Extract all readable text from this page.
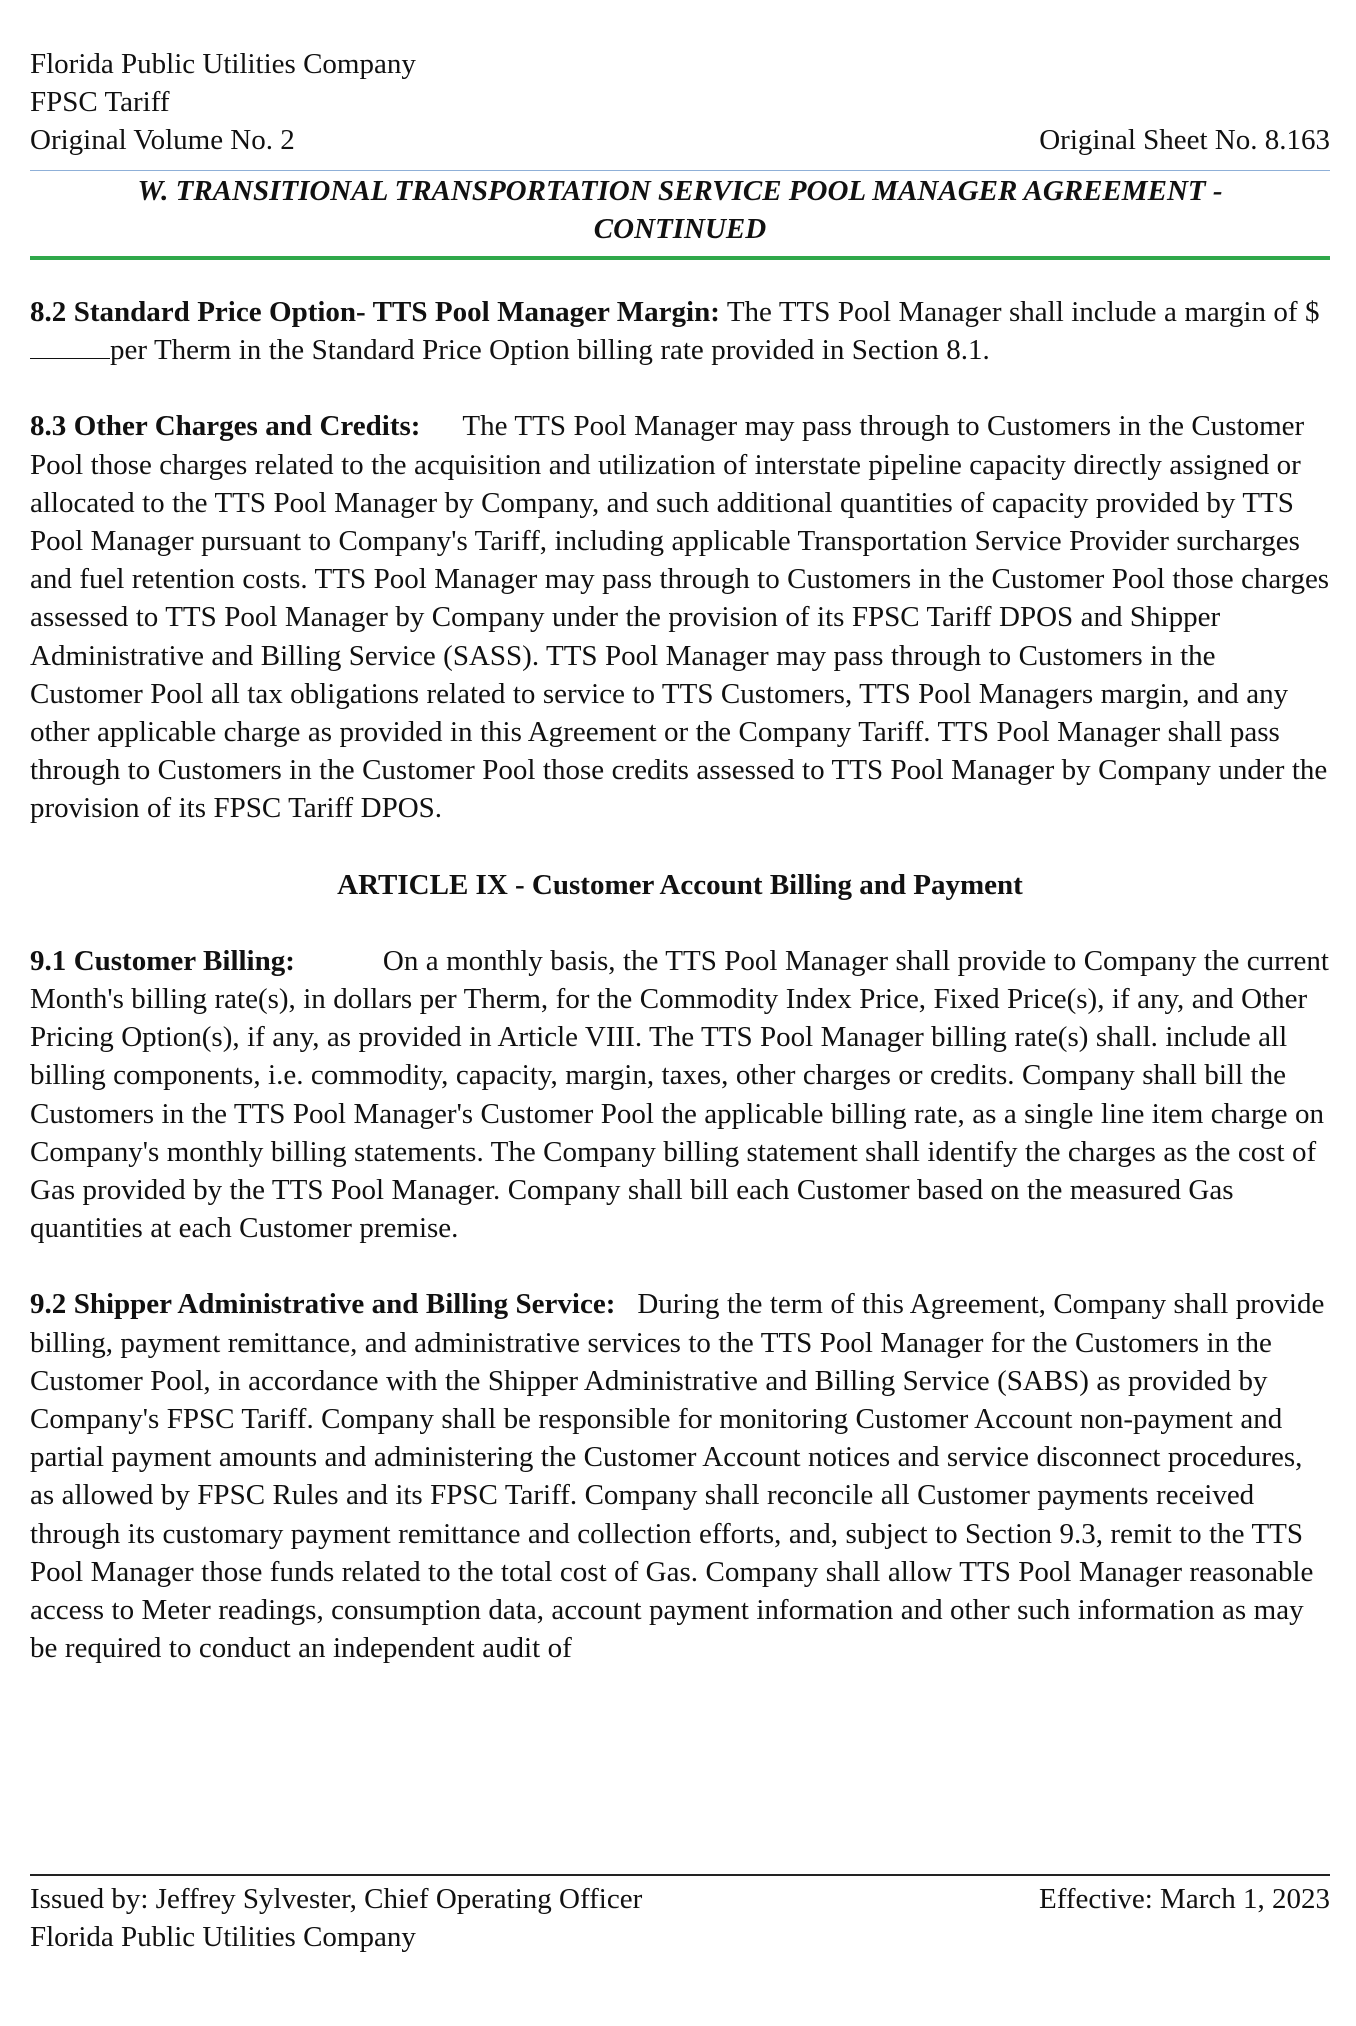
Florida Public Utilities Company
FPSC Tariff
Original Volume No. 2	Original Sheet No. 8.163
W. TRANSITIONAL TRANSPORTATION SERVICE POOL MANAGER AGREEMENT -
CONTINUED

8.2 Standard Price Option- TTS Pool Manager Margin: The TTS Pool Manager shall include a margin of $per Therm in the Standard Price Option billing rate provided in Section 8.1.

8.3 Other Charges and Credits: The TTS Pool Manager may pass through to Customers in the Customer Pool those charges related to the acquisition and utilization of interstate pipeline capacity directly assigned or allocated to the TTS Pool Manager by Company, and such additional quantities of capacity provided by TTS Pool Manager pursuant to Company's Tariff, including applicable Transportation Service Provider surcharges and fuel retention costs. TTS Pool Manager may pass through to Customers in the Customer Pool those charges assessed to TTS Pool Manager by Company under the provision of its FPSC Tariff DPOS and Shipper Administrative and Billing Service (SASS). TTS Pool Manager may pass through to Customers in the Customer Pool all tax obligations related to service to TTS Customers, TTS Pool Managers margin, and any other applicable charge as provided in this Agreement or the Company Tariff. TTS Pool Manager shall pass through to Customers in the Customer Pool those credits assessed to TTS Pool Manager by Company under the provision of its FPSC Tariff DPOS.

ARTICLE IX - Customer Account Billing and Payment

9.1 Customer Billing:	On a monthly basis, the TTS Pool Manager shall provide to Company the current Month's billing rate(s), in dollars per Therm, for the Commodity Index Price, Fixed Price(s), if any, and Other Pricing Option(s), if any, as provided in Article VIII. The TTS Pool Manager billing rate(s) shall. include all billing components, i.e. commodity, capacity, margin, taxes, other charges or credits. Company shall bill the Customers in the TTS Pool Manager's Customer Pool the applicable billing rate, as a single line item charge on Company's monthly billing statements. The Company billing statement shall identify the charges as the cost of Gas provided by the TTS Pool Manager. Company shall bill each Customer based on the measured Gas quantities at each Customer premise.

9.2 Shipper Administrative and Billing Service: During the term of this Agreement, Company shall provide billing, payment remittance, and administrative services to the TTS Pool Manager for the Customers in the Customer Pool, in accordance with the Shipper Administrative and Billing Service (SABS) as provided by Company's FPSC Tariff. Company shall be responsible for monitoring Customer Account non-payment and partial payment amounts and administering the Customer Account notices and service disconnect procedures, as allowed by FPSC Rules and its FPSC Tariff. Company shall reconcile all Customer payments received through its customary payment remittance and collection efforts, and, subject to Section 9.3, remit to the TTS Pool Manager those funds related to the total cost of Gas. Company shall allow TTS Pool Manager reasonable access to Meter readings, consumption data, account payment information and other such information as may be required to conduct an independent audit of

Issued by: Jeffrey Sylvester, Chief Operating Officer	Effective: March 1, 2023
Florida Public Utilities Company
